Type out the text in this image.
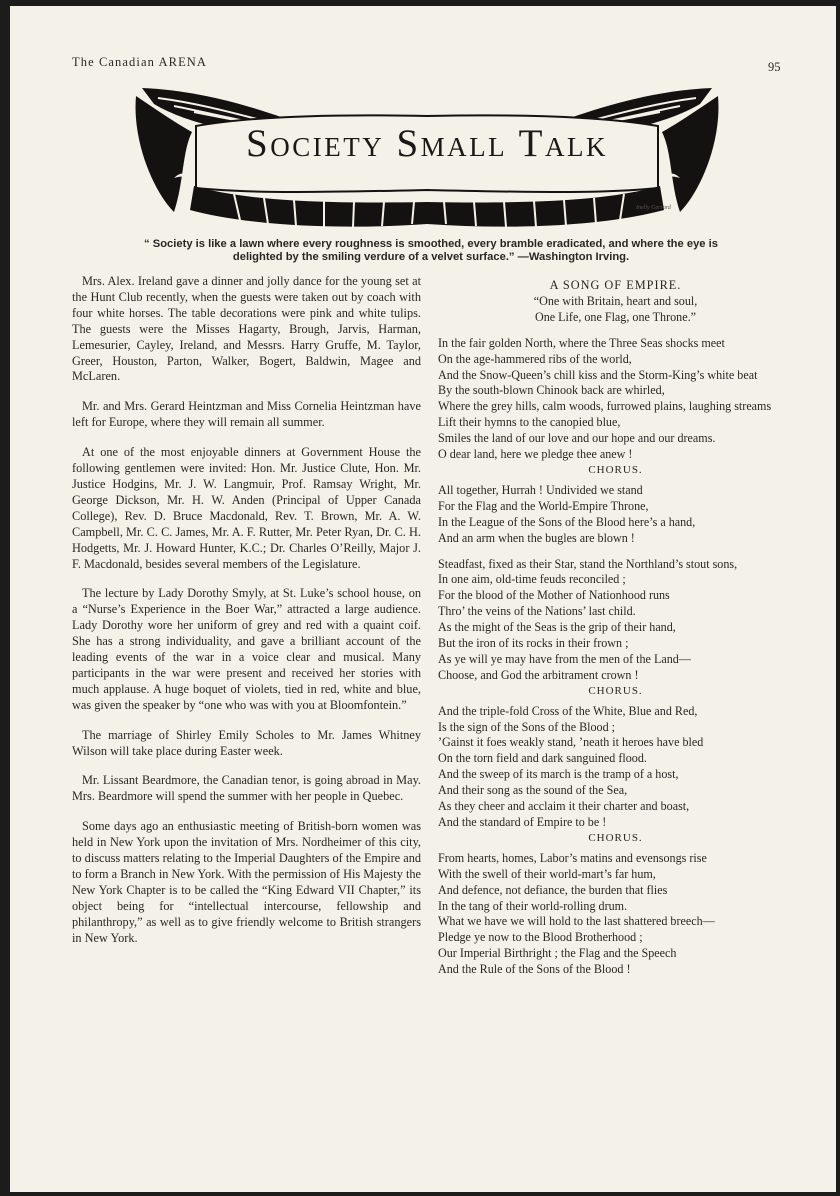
The Canadian ARENA	95
Society Small Talk
Inelly Gerrard
“ Society is like a lawn where every roughness is smoothed, every bramble eradicated, and where the eye is delighted by the smiling verdure of a velvet surface.” —Washington Irving.

Mrs. Alex. Ireland gave a dinner and jolly dance for the young set at the Hunt Club recently, when the guests were taken out by coach with four white horses. The table decorations were pink and white tulips. The guests were the Misses Hagarty, Brough, Jarvis, Harman, Lemesurier, Cayley, Ireland, and Messrs. Harry Gruffe, M. Taylor, Greer, Houston, Parton, Walker, Bogert, Baldwin, Magee and McLaren.

Mr. and Mrs. Gerard Heintzman and Miss Cornelia Heintzman have left for Europe, where they will remain all summer.

At one of the most enjoyable dinners at Government House the following gentlemen were invited: Hon. Mr. Justice Clute, Hon. Mr. Justice Hodgins, Mr. J. W. Langmuir, Prof. Ramsay Wright, Mr. George Dickson, Mr. H. W. Anden (Principal of Upper Canada College), Rev. D. Bruce Macdonald, Rev. T. Brown, Mr. A. W. Campbell, Mr. C. C. James, Mr. A. F. Rutter, Mr. Peter Ryan, Dr. C. H. Hodgetts, Mr. J. Howard Hunter, K.C.; Dr. Charles O’Reilly, Major J. F. Macdonald, besides several members of the Legislature.

The lecture by Lady Dorothy Smyly, at St. Luke’s school house, on a “Nurse’s Experience in the Boer War,” attracted a large audience. Lady Dorothy wore her uniform of grey and red with a quaint coif. She has a strong individuality, and gave a brilliant account of the leading events of the war in a voice clear and musical. Many participants in the war were present and received her stories with much applause. A huge boquet of violets, tied in red, white and blue, was given the speaker by “one who was with you at Bloomfontein.”

The marriage of Shirley Emily Scholes to Mr. James Whitney Wilson will take place during Easter week.

Mr. Lissant Beardmore, the Canadian tenor, is going abroad in May. Mrs. Beardmore will spend the summer with her people in Quebec.

Some days ago an enthusiastic meeting of British-born women was held in New York upon the invitation of Mrs. Nordheimer of this city, to discuss matters relating to the Imperial Daughters of the Empire and to form a Branch in New York. With the permission of His Majesty the New York Chapter is to be called the “King Edward VII Chapter,” its object being for “intellectual intercourse, fellowship and philanthropy,” as well as to give friendly welcome to British strangers in New York.

A SONG OF EMPIRE.
“One with Britain, heart and soul,
One Life, one Flag, one Throne.”
In the fair golden North, where the Three Seas shocks meet
On the age-hammered ribs of the world,
And the Snow-Queen’s chill kiss and the Storm-King’s white beat
By the south-blown Chinook back are whirled,
Where the grey hills, calm woods, furrowed plains, laughing streams
Lift their hymns to the canopied blue,
Smiles the land of our love and our hope and our dreams.
O dear land, here we pledge thee anew !
CHORUS.
All together, Hurrah ! Undivided we stand
For the Flag and the World-Empire Throne,
In the League of the Sons of the Blood here’s a hand,
And an arm when the bugles are blown !
Steadfast, fixed as their Star, stand the Northland’s stout sons,
In one aim, old-time feuds reconciled ;
For the blood of the Mother of Nationhood runs
Thro’ the veins of the Nations’ last child.
As the might of the Seas is the grip of their hand,
But the iron of its rocks in their frown ;
As ye will ye may have from the men of the Land—
Choose, and God the arbitrament crown !
CHORUS.
And the triple-fold Cross of the White, Blue and Red,
Is the sign of the Sons of the Blood ;
’Gainst it foes weakly stand, ’neath it heroes have bled
On the torn field and dark sanguined flood.
And the sweep of its march is the tramp of a host,
And their song as the sound of the Sea,
As they cheer and acclaim it their charter and boast,
And the standard of Empire to be !
CHORUS.
From hearts, homes, Labor’s matins and evensongs rise
With the swell of their world-mart’s far hum,
And defence, not defiance, the burden that flies
In the tang of their world-rolling drum.
What we have we will hold to the last shattered breech—
Pledge ye now to the Blood Brotherhood ;
Our Imperial Birthright ; the Flag and the Speech
And the Rule of the Sons of the Blood !
